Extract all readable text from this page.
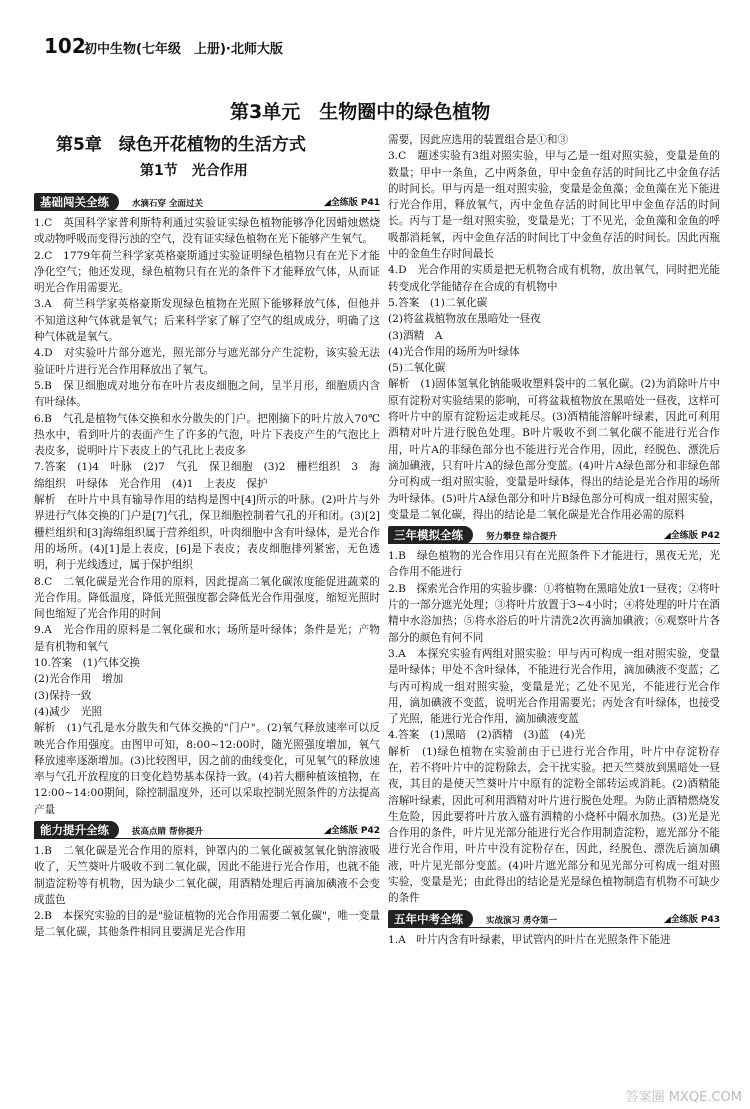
102
初中生物(七年级　上册)·北师大版
第3单元　生物圈中的绿色植物
第5章　绿色开花植物的生活方式
第1节　光合作用
基础闯关全练	水滴石穿 全面过关	◢全练版 P41

1.C　英国科学家普利斯特利通过实验证实绿色植物能够净化因蜡烛燃烧或动物呼吸而变得污浊的空气，没有证实绿色植物在光下能够产生氧气。

2.C　1779年荷兰科学家英格豪斯通过实验证明绿色植物只有在光下才能净化空气；他还发现，绿色植物只有在光的条件下才能释放气体，从而证明光合作用需要光。

3.A　荷兰科学家英格豪斯发现绿色植物在光照下能够释放气体，但他并不知道这种气体就是氧气；后来科学家了解了空气的组成成分，明确了这种气体就是氧气。

4.D　对实验叶片部分遮光，照光部分与遮光部分产生淀粉，该实验无法验证叶片进行光合作用释放出了氧气。

5.B　保卫细胞成对地分布在叶片表皮细胞之间，呈半月形，细胞质内含有叶绿体。

6.B　气孔是植物气体交换和水分散失的门户。把刚摘下的叶片放入70℃热水中，看到叶片的表面产生了许多的气泡，叶片下表皮产生的气泡比上表皮多，说明叶片下表皮上的气孔比上表皮多

7.答案　(1)4　叶脉　(2)7　气孔　保卫细胞　(3)2　栅栏组织　3　海绵组织　叶绿体　光合作用　(4)1　上表皮　保护

解析　在叶片中具有输导作用的结构是图中[4]所示的叶脉。(2)叶片与外界进行气体交换的门户是[7]气孔，保卫细胞控制着气孔的开和闭。(3)[2]栅栏组织和[3]海绵组织属于营养组织，叶肉细胞中含有叶绿体，是光合作用的场所。(4)[1]是上表皮，[6]是下表皮；表皮细胞排列紧密，无色透明，利于光线透过，属于保护组织

8.C　二氧化碳是光合作用的原料，因此提高二氧化碳浓度能促进蔬菜的光合作用。降低温度，降低光照强度都会降低光合作用强度，缩短光照时间也缩短了光合作用的时间

9.A　光合作用的原料是二氧化碳和水；场所是叶绿体；条件是光；产物是有机物和氧气

10.答案　(1)气体交换

(2)光合作用　增加

(3)保持一致

(4)减少　光照

解析　(1)气孔是水分散失和气体交换的"门户"。(2)氧气释放速率可以反映光合作用强度。由图甲可知，8:00~12:00时，随光照强度增加，氧气释放速率逐渐增加。(3)比较图甲，因之前的曲线变化，可见氧气的释放速率与气孔开放程度的日变化趋势基本保持一致。(4)若大棚种植该植物，在12:00~14:00期间，除控制温度外，还可以采取控制光照条件的方法提高产量

能力提升全练	拔高点睛 帮你提升	◢全练版 P42

1.B　二氧化碳是光合作用的原料，钟罩内的二氧化碳被氢氧化钠溶液吸收了，天竺葵叶片吸收不到二氧化碳，因此不能进行光合作用，也就不能制造淀粉等有机物，因为缺少二氧化碳，用酒精处理后再滴加碘液不会变成蓝色

2.B　本探究实验的目的是"验证植物的光合作用需要二氧化碳"，唯一变量是二氧化碳，其他条件相同且要满足光合作用

需要，因此应选用的装置组合是①和③

3.C　题述实验有3组对照实验，甲与乙是一组对照实验，变量是鱼的数量；甲中一条鱼，乙中两条鱼，甲中金鱼存活的时间比乙中金鱼存活的时间长。甲与丙是一组对照实验，变量是金鱼藻；金鱼藻在光下能进行光合作用，释放氧气，丙中金鱼存活的时间比甲中金鱼存活的时间长。丙与丁是一组对照实验，变量是光；丁不见光，金鱼藻和金鱼的呼吸都消耗氧，丙中金鱼存活的时间比丁中金鱼存活的时间长。因此丙瓶中的金鱼生存时间最长

4.D　光合作用的实质是把无机物合成有机物，放出氧气，同时把光能转变成化学能储存在合成的有机物中

5.答案　(1)二氧化碳

(2)将盆栽植物放在黑暗处一昼夜

(3)酒精　A

(4)光合作用的场所为叶绿体

(5)二氧化碳

解析　(1)固体氢氧化钠能吸收塑料袋中的二氧化碳。(2)为消除叶片中原有淀粉对实验结果的影响，可将盆栽植物放在黑暗处一昼夜，这样可将叶片中的原有淀粉运走或耗尽。(3)酒精能溶解叶绿素，因此可利用酒精对叶片进行脱色处理。B叶片吸收不到二氧化碳不能进行光合作用，叶片A的非绿色部分也不能进行光合作用，因此，经脱色、漂洗后滴加碘液，只有叶片A的绿色部分变蓝。(4)叶片A绿色部分和非绿色部分可构成一组对照实验，变量是叶绿体，得出的结论是光合作用的场所为叶绿体。(5)叶片A绿色部分和叶片B绿色部分可构成一组对照实验，变量是二氧化碳，得出的结论是二氧化碳是光合作用必需的原料

三年模拟全练	努力攀登 综合提升	◢全练版 P42

1.B　绿色植物的光合作用只有在光照条件下才能进行，黑夜无光，光合作用不能进行

2.B　探索光合作用的实验步骤：①将植物在黑暗处放1一昼夜；②将叶片的一部分遮光处理；③将叶片放置于3~4小时；④将处理的叶片在酒精中水浴加热；⑤将水浴后的叶片清洗2次再滴加碘液；⑥观察叶片各部分的颜色有何不同

3.A　本探究实验有两组对照实验：甲与丙可构成一组对照实验，变量是叶绿体；甲处不含叶绿体，不能进行光合作用，滴加碘液不变蓝；乙与丙可构成一组对照实验，变量是光；乙处不见光，不能进行光合作用，滴加碘液不变蓝，说明光合作用需要光；丙处含有叶绿体，也接受了光照，能进行光合作用，滴加碘液变蓝

4.答案　(1)黑暗　(2)酒精　(3)蓝　(4)光

解析　(1)绿色植物在实验前由于已进行光合作用，叶片中存淀粉存在，若不将叶片中的淀粉除去，会干扰实验。把天竺葵放到黑暗处一昼夜，其目的是使天竺葵叶片中原有的淀粉全部转运或消耗。(2)酒精能溶解叶绿素，因此可利用酒精对叶片进行脱色处理。为防止酒精燃烧发生危险，因此要将叶片放入盛有酒精的小烧杯中隔水加热。(3)光是光合作用的条件，叶片见光部分能进行光合作用制造淀粉，遮光部分不能进行光合作用，叶片中没有淀粉存在，因此，经脱色、漂洗后滴加碘液，叶片见光部分变蓝。(4)叶片遮光部分和见光部分可构成一组对照实验，变量是光；由此得出的结论是光是绿色植物制造有机物不可缺少的条件

五年中考全练	实战演习 勇夺第一	◢全练版 P43

1.A　叶片内含有叶绿素，甲试管内的叶片在光照条件下能进

答案圈 MXQE.COM
